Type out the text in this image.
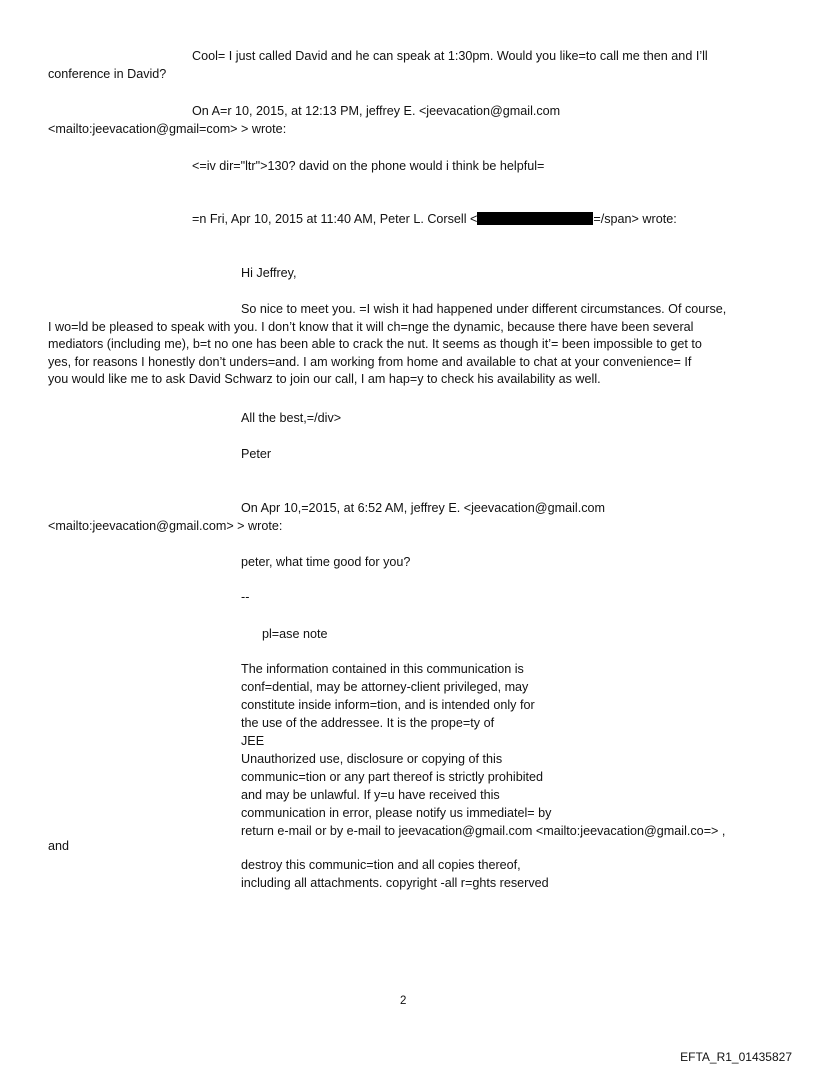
Cool= I just called David and he can speak at 1:30pm. Would you like=to call me then and I’ll
conference in David?
On A=r 10, 2015, at 12:13 PM, jeffrey E. <jeevacation@gmail.com
<mailto:jeevacation@gmail=com> > wrote:
<=iv dir="ltr">130? david on the phone would i think be helpful=
=n Fri, Apr 10, 2015 at 11:40 AM, Peter L. Corsell <	=/span> wrote:
Hi Jeffrey,
So nice to meet you. =I wish it had happened under different circumstances. Of course,
I wo=ld be pleased to speak with you. I don’t know that it will ch=nge the dynamic, because there have been several
mediators (including me), b=t no one has been able to crack the nut. It seems as though it’= been impossible to get to
yes, for reasons I honestly don’t unders=and. I am working from home and available to chat at your convenience= If
you would like me to ask David Schwarz to join our call, I am hap=y to check his availability as well.
All the best,=/div>
Peter
On Apr 10,=2015, at 6:52 AM, jeffrey E. <jeevacation@gmail.com
<mailto:jeevacation@gmail.com> > wrote:
peter, what time good for you?
--
pl=ase note
The information contained in this communication is
conf=dential, may be attorney-client privileged, may
constitute inside inform=tion, and is intended only for
the use of the addressee. It is the prope=ty of
JEE
Unauthorized use, disclosure or copying of this
communic=tion or any part thereof is strictly prohibited
and may be unlawful. If y=u have received this
communication in error, please notify us immediatel= by
return e-mail or by e-mail to jeevacation@gmail.com <mailto:jeevacation@gmail.co=> ,
and
destroy this communic=tion and all copies thereof,
including all attachments. copyright -all r=ghts reserved
2
EFTA_R1_01435827
